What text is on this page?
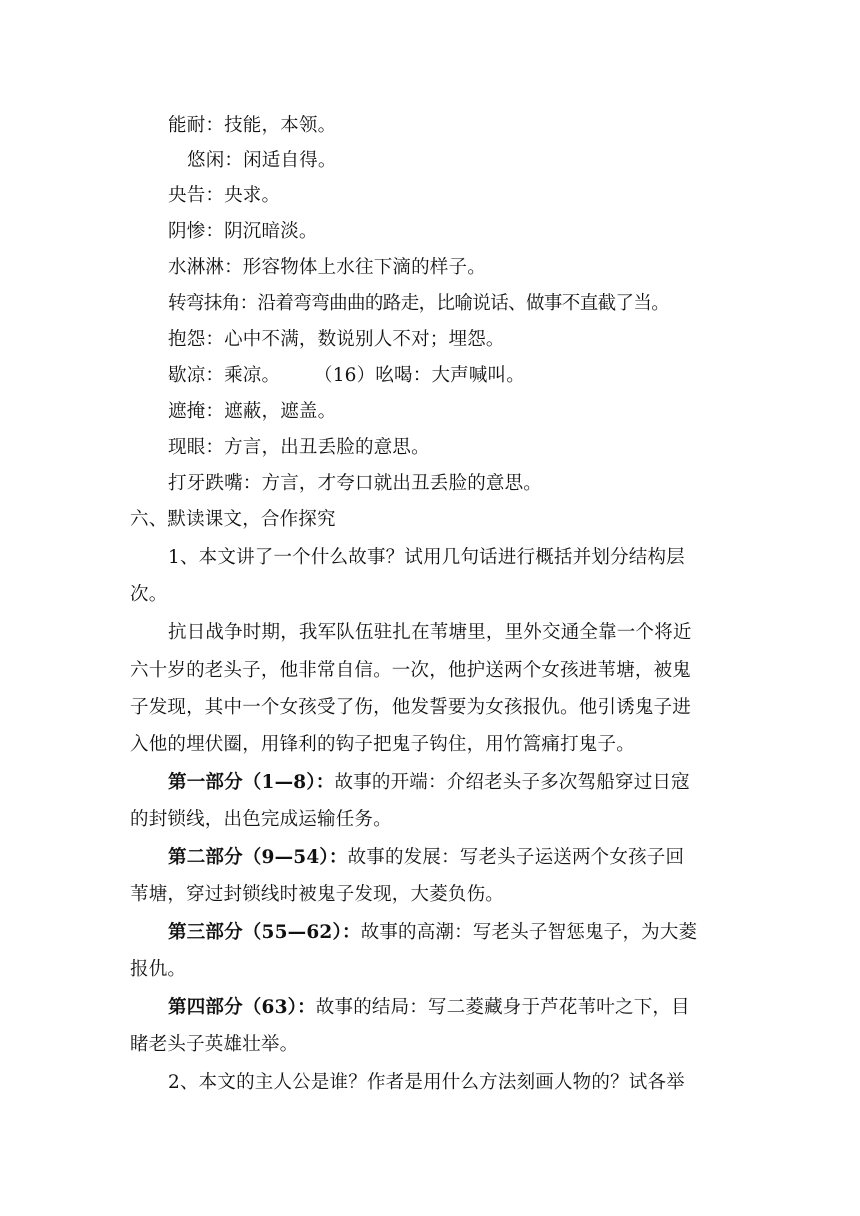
能耐：技能，本领。
悠闲：闲适自得。
央告：央求。
阴惨：阴沉暗淡。
水淋淋：形容物体上水往下滴的样子。
转弯抹角：沿着弯弯曲曲的路走，比喻说话、做事不直截了当。
抱怨：心中不满，数说别人不对；埋怨。
歇凉：乘凉。 （16）吆喝：大声喊叫。
遮掩：遮蔽，遮盖。
现眼：方言，出丑丢脸的意思。
打牙跌嘴：方言，才夸口就出丑丢脸的意思。
六、默读课文，合作探究
1、本文讲了一个什么故事？试用几句话进行概括并划分结构层
次。
抗日战争时期，我军队伍驻扎在苇塘里，里外交通全靠一个将近
六十岁的老头子，他非常自信。一次，他护送两个女孩进苇塘，被鬼
子发现，其中一个女孩受了伤，他发誓要为女孩报仇。他引诱鬼子进
入他的埋伏圈，用锋利的钩子把鬼子钩住，用竹篙痛打鬼子。
第一部分（1—8）：故事的开端：介绍老头子多次驾船穿过日寇
的封锁线，出色完成运输任务。
第二部分（9—54）：故事的发展：写老头子运送两个女孩子回
苇塘，穿过封锁线时被鬼子发现，大菱负伤。
第三部分（55—62）：故事的高潮：写老头子智惩鬼子，为大菱
报仇。
第四部分（63）：故事的结局：写二菱藏身于芦花苇叶之下，目
睹老头子英雄壮举。
2、本文的主人公是谁？作者是用什么方法刻画人物的？试各举
